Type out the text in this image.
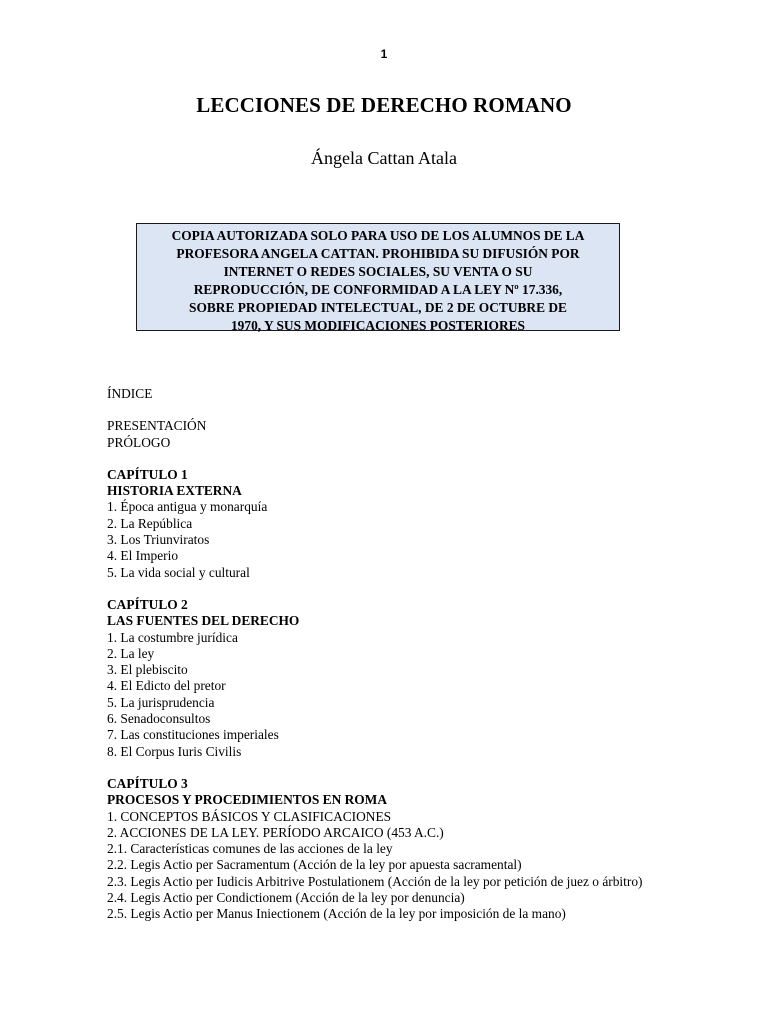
1
LECCIONES DE DERECHO ROMANO
Ángela Cattan Atala
COPIA AUTORIZADA SOLO PARA USO DE LOS ALUMNOS DE LA
PROFESORA ANGELA CATTAN. PROHIBIDA SU DIFUSIÓN POR
INTERNET O REDES SOCIALES, SU VENTA O SU
REPRODUCCIÓN, DE CONFORMIDAD A LA LEY Nº 17.336,
SOBRE PROPIEDAD INTELECTUAL, DE 2 DE OCTUBRE DE
1970, Y SUS MODIFICACIONES POSTERIORES
ÍNDICE
PRESENTACIÓN
PRÓLOGO
CAPÍTULO 1
HISTORIA EXTERNA
1. Época antigua y monarquía
2. La República
3. Los Triunviratos
4. El Imperio
5. La vida social y cultural
CAPÍTULO 2
LAS FUENTES DEL DERECHO
1. La costumbre jurídica
2. La ley
3. El plebiscito
4. El Edicto del pretor
5. La jurisprudencia
6. Senadoconsultos
7. Las constituciones imperiales
8. El Corpus Iuris Civilis
CAPÍTULO 3
PROCESOS Y PROCEDIMIENTOS EN ROMA
1. CONCEPTOS BÁSICOS Y CLASIFICACIONES
2. ACCIONES DE LA LEY. PERÍODO ARCAICO (453 A.C.)
2.1. Características comunes de las acciones de la ley
2.2. Legis Actio per Sacramentum (Acción de la ley por apuesta sacramental)
2.3. Legis Actio per Iudicis Arbitrive Postulationem (Acción de la ley por petición de juez o árbitro)
2.4. Legis Actio per Condictionem (Acción de la ley por denuncia)
2.5. Legis Actio per Manus Iniectionem (Acción de la ley por imposición de la mano)
